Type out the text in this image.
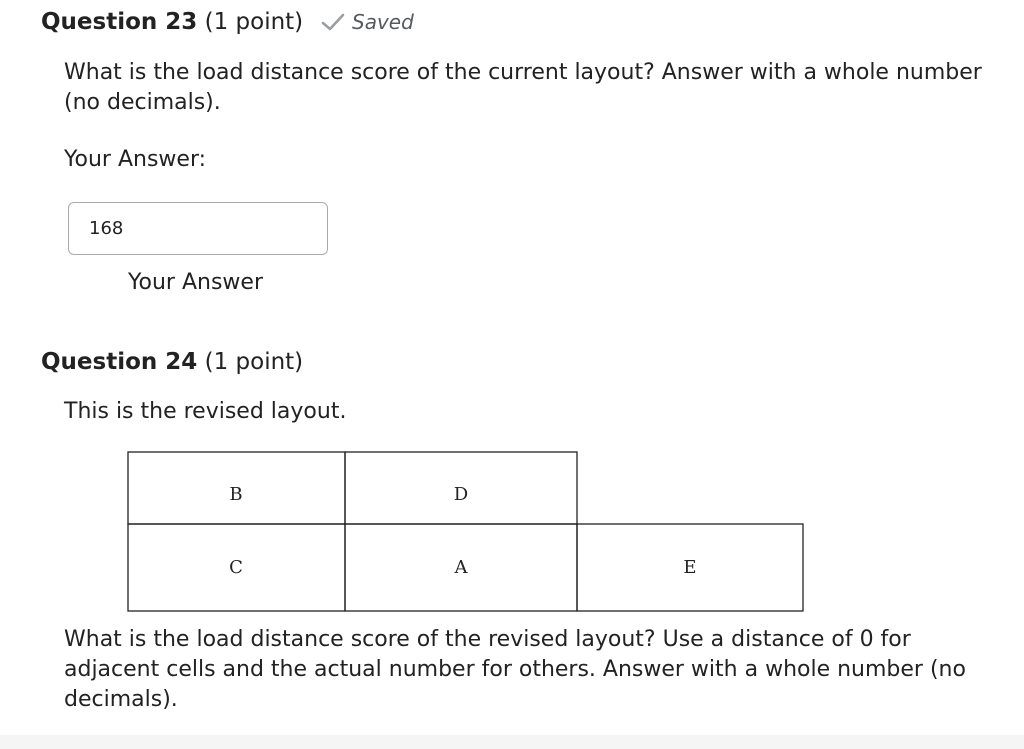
Question 23 (1 point) Saved
What is the load distance score of the current layout? Answer with a whole number (no decimals).
Your Answer:
168
Your Answer
Question 24 (1 point)
This is the revised layout.
B	D
C	A	E
What is the load distance score of the revised layout? Use a distance of 0 for adjacent cells and the actual number for others. Answer with a whole number (no decimals).
